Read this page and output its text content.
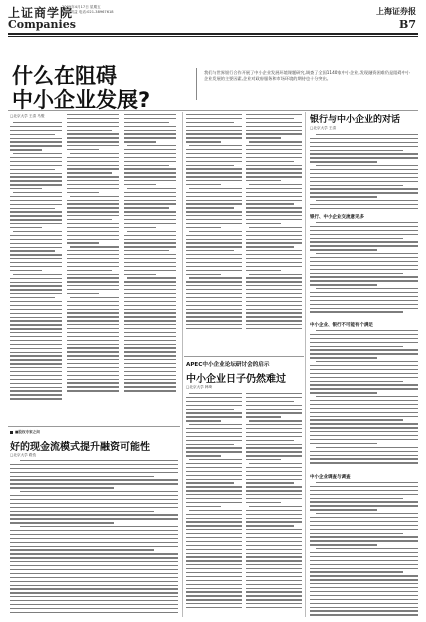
上证商学院
2009年4月17日 星期五
编辑:刘益 电话:021-38967618	上海证券报
Companies	B7
什么在阻碍
中小企业发展?
我们与世界银行合作开展了中小企业发展环境课题研究,调查了全国1140家中小企业,发现融资困难仍是阻碍中小企业发展的主要因素,企业对政府服务和市场环境的期待也十分突出。
□北京大学 王清 马骏
■股权专家之问
好的现金流模式提升融资可能性
□北京大学 路孜
APEC中小企业论坛研讨会的启示
中小企业日子仍然难过
□北京大学 韩琦
银行与中小企业的对话
□北京大学 王清
银行、中小企业交流意见多
中小企业、银行不可能有个满足
中小企业调查与调查
